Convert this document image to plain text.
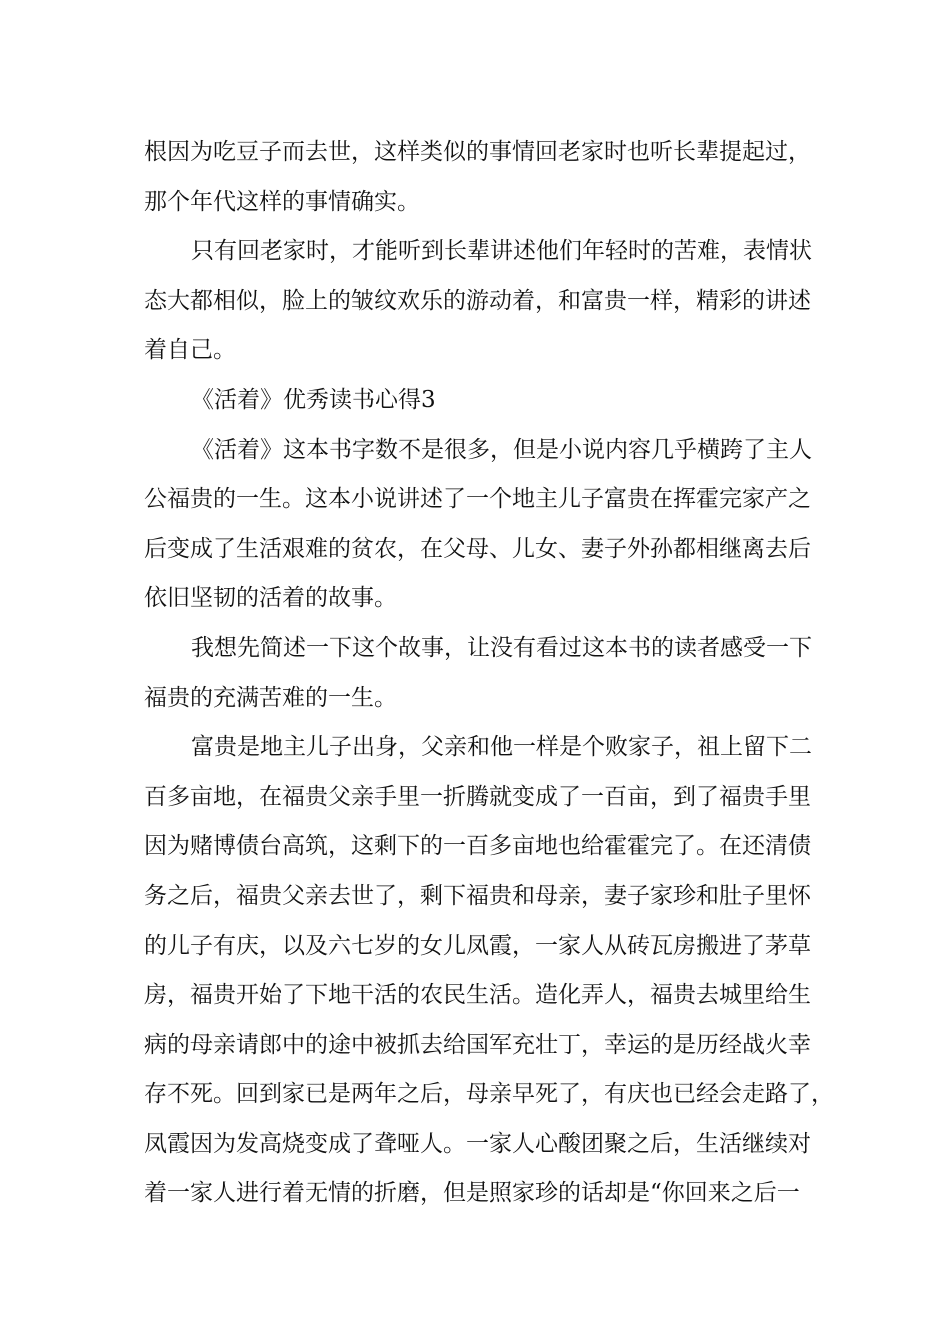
根因为吃豆子而去世，这样类似的事情回老家时也听长辈提起过，
那个年代这样的事情确实。
只有回老家时，才能听到长辈讲述他们年轻时的苦难，表情状
态大都相似，脸上的皱纹欢乐的游动着，和富贵一样，精彩的讲述
着自己。
《活着》优秀读书心得3
《活着》这本书字数不是很多，但是小说内容几乎横跨了主人
公福贵的一生。这本小说讲述了一个地主儿子富贵在挥霍完家产之
后变成了生活艰难的贫农，在父母、儿女、妻子外孙都相继离去后
依旧坚韧的活着的故事。
我想先简述一下这个故事，让没有看过这本书的读者感受一下
福贵的充满苦难的一生。
富贵是地主儿子出身，父亲和他一样是个败家子，祖上留下二
百多亩地，在福贵父亲手里一折腾就变成了一百亩，到了福贵手里
因为赌博债台高筑，这剩下的一百多亩地也给霍霍完了。在还清债
务之后，福贵父亲去世了，剩下福贵和母亲，妻子家珍和肚子里怀
的儿子有庆，以及六七岁的女儿凤霞，一家人从砖瓦房搬进了茅草
房，福贵开始了下地干活的农民生活。造化弄人，福贵去城里给生
病的母亲请郎中的途中被抓去给国军充壮丁，幸运的是历经战火幸
存不死。回到家已是两年之后，母亲早死了，有庆也已经会走路了，
凤霞因为发高烧变成了聋哑人。一家人心酸团聚之后，生活继续对
着一家人进行着无情的折磨，但是照家珍的话却是“你回来之后一
